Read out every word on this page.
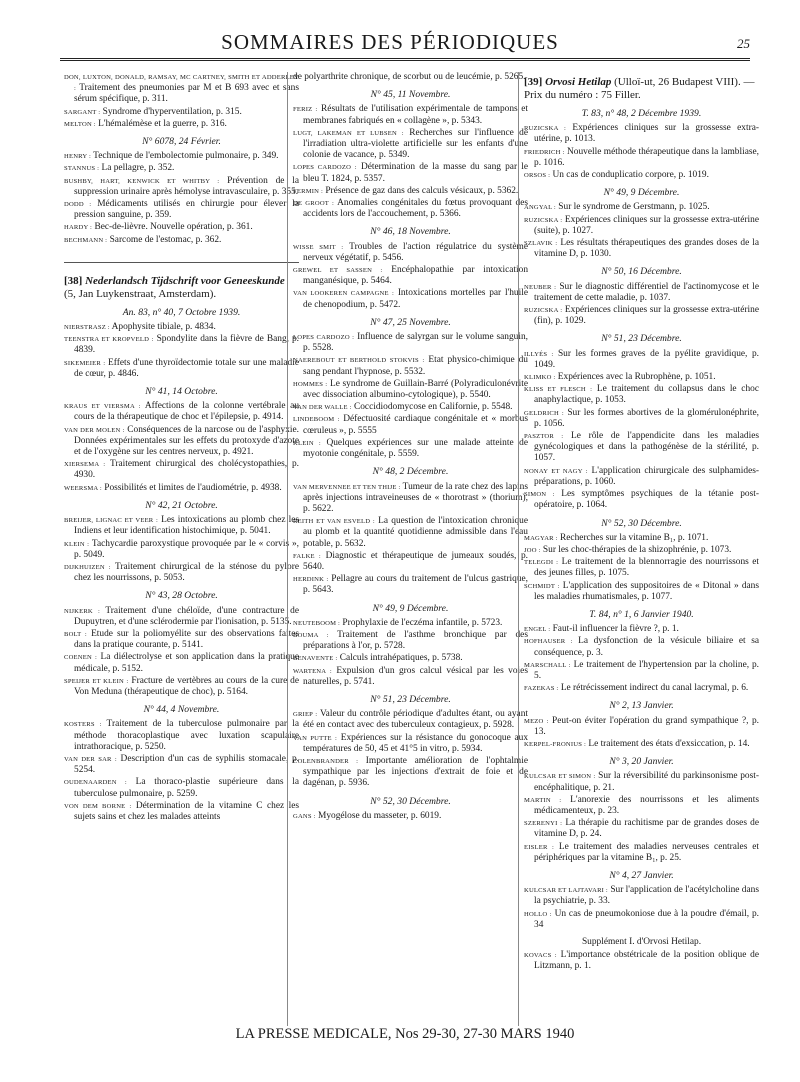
SOMMAIRES DES PÉRIODIQUES	25
DON, LUXTON, DONALD, RAMSAY, MC CARTNEY, SMITH ET ADDERLEY : Traitement des pneumonies par M et B 693 avec et sans sérum spécifique, p. 311.
SARGANT : Syndrome d'hyperventilation, p. 315.
MELTON : L'hémalémèse et la guerre, p. 316.
N° 6078, 24 Février.
HENRY : Technique de l'embolectomie pulmonaire, p. 349.
STANNUS : La pellagre, p. 352.
BUSHBY, HART, KENWICK ET WHITBY : Prévention de la suppression urinaire après hémolyse intravasculaire, p. 355.
DODD : Médicaments utilisés en chirurgie pour élever la pression sanguine, p. 359.
HARDY : Bec-de-lièvre. Nouvelle opération, p. 361.
BECHMANN : Sarcome de l'estomac, p. 362.
[38] Nederlandsch Tijdschrift voor Geneeskunde (5, Jan Luykenstraat, Amsterdam).
An. 83, n° 40, 7 Octobre 1939.
NIERSTRASZ : Apophysite tibiale, p. 4834.
TEENSTRA ET KROPVELD : Spondylite dans la fièvre de Bang, p. 4839.
SIKEMEIER : Effets d'une thyroïdectomie totale sur une maladie de cœur, p. 4846.
N° 41, 14 Octobre.
KRAUS ET VIERSMA : Affections de la colonne vertébrale au cours de la thérapeutique de choc et l'épilepsie, p. 4914.
VAN DER MOLEN : Conséquences de la narcose ou de l'asphyxie. Données expérimentales sur les effets du protoxyde d'azote et de l'oxygène sur les centres nerveux, p. 4921.
XIERSEMA : Traitement chirurgical des cholécystopathies, p. 4930.
WEERSMA : Possibilités et limites de l'audiométrie, p. 4938.
N° 42, 21 Octobre.
BREIJER, LIGNAC ET VEER : Les intoxications au plomb chez les Indiens et leur identification histochimique, p. 5041.
KLEIN : Tachycardie paroxystique provoquée par le « corvis », p. 5049.
DIJKHUIZEN : Traitement chirurgical de la sténose du pylore chez les nourrissons, p. 5053.
N° 43, 28 Octobre.
NIJKERK : Traitement d'une chéloïde, d'une contracture de Dupuytren, et d'une sclérodermie par l'ionisation, p. 5135.
BOLT : Etude sur la poliomyélite sur des observations faites dans la pratique courante, p. 5141.
COENEN : La diélectrolyse et son application dans la pratique médicale, p. 5152.
SPEIJER ET KLEIN : Fracture de vertèbres au cours de la cure de Von Meduna (thérapeutique de choc), p. 5164.
N° 44, 4 Novembre.
KOSTERS : Traitement de la tuberculose pulmonaire par la méthode thoracoplastique avec luxation scapulaire intrathoracique, p. 5250.
VAN DER SAR : Description d'un cas de syphilis stomacale, p. 5254.
OUDENAARDEN : La thoraco-plastie supérieure dans la tuberculose pulmonaire, p. 5259.
VON DEM BORNE : Détermination de la vitamine C chez les sujets sains et chez les malades atteints
de polyarthrite chronique, de scorbut ou de leucémie, p. 5265.
N° 45, 11 Novembre.
FERIZ : Résultats de l'utilisation expérimentale de tampons et membranes fabriqués en « collagène », p. 5343.
LUGT, LAKEMAN ET LUBSEN : Recherches sur l'influence de l'irradiation ultra-violette artificielle sur les enfants d'une colonie de vacance, p. 5349.
LOPES CARDOZO : Détermination de la masse du sang par le bleu T. 1824, p. 5357.
FERMIN : Présence de gaz dans des calculs vésicaux, p. 5362.
DE GROOT : Anomalies congénitales du fœtus provoquant des accidents lors de l'accouchement, p. 5366.
N° 46, 18 Novembre.
WISSE SMIT : Troubles de l'action régulatrice du système nerveux végétatif, p. 5456.
GREWEL ET SASSEN : Encéphalopathie par intoxication manganésique, p. 5464.
VAN LOOKEREN CAMPAGNE : Intoxications mortelles par l'huile de chenopodium, p. 5472.
N° 47, 25 Novembre.
LOPES CARDOZO : Influence de salyrgan sur le volume sanguin, p. 5528.
NAEREBOUT ET BERTHOLD STOKVIS : Etat physico-chimique du sang pendant l'hypnose, p. 5532.
HOMMES : Le syndrome de Guillain-Barré (Polyradiculonévrite avec dissociation albumino-cytologique), p. 5540.
VAN DER WALLE : Coccidiodomycose en Californie, p. 5548.
LINDEBOOM : Défectuosité cardiaque congénitale et « morbus cœruleus », p. 5555
KLEIN : Quelques expériences sur une malade atteinte de myotonie congénitale, p. 5559.
N° 48, 2 Décembre.
VAN MERVENNEE ET TEN THIJE : Tumeur de la rate chez des lapins après injections intraveineuses de « thorotrast » (thorium), p. 5622.
REITH ET VAN ESVELD : La question de l'intoxication chronique au plomb et la quantité quotidienne admissible dans l'eau potable, p. 5632.
FALKE : Diagnostic et thérapeutique de jumeaux soudés, p. 5640.
HERDINK : Pellagre au cours du traitement de l'ulcus gastrique, p. 5643.
N° 49, 9 Décembre.
NEUTEBOOM : Prophylaxie de l'eczéma infantile, p. 5723.
BOUMA : Traitement de l'asthme bronchique par des préparations à l'or, p. 5728.
BENAVENTE : Calculs intrahépatiques, p. 5738.
WARTENA : Expulsion d'un gros calcul vésical par les voies naturelles, p. 5741.
N° 51, 23 Décembre.
GRIEP : Valeur du contrôle périodique d'adultes étant, ou ayant été en contact avec des tuberculeux contagieux, p. 5928.
VAN PUTTE : Expériences sur la résistance du gonocoque aux températures de 50, 45 et 41°5 in vitro, p. 5934.
COLENBRANDER : Importante amélioration de l'ophtalmie sympathique par les injections d'extrait de foie et de dagénan, p. 5936.
N° 52, 30 Décembre.
GANS : Myogélose du masseter, p. 6019.
[39] Orvosi Hetilap (Ulloï-ut, 26 Budapest VIII). — Prix du numéro : 75 Filler.
T. 83, n° 48, 2 Décembre 1939.
RUZICSKA : Expériences cliniques sur la grossesse extra-utérine, p. 1013.
FRIEDRICH : Nouvelle méthode thérapeutique dans la lambliase, p. 1016.
ORSOS : Un cas de conduplicatio corpore, p. 1019.
N° 49, 9 Décembre.
ANGYAL : Sur le syndrome de Gerstmann, p. 1025.
RUZICSKA : Expériences cliniques sur la grossesse extra-utérine (suite), p. 1027.
SZLAVIK : Les résultats thérapeutiques des grandes doses de la vitamine D, p. 1030.
N° 50, 16 Décembre.
NEUBER : Sur le diagnostic différentiel de l'actinomycose et le traitement de cette maladie, p. 1037.
RUZICSKA : Expériences cliniques sur la grossesse extra-utérine (fin), p. 1029.
N° 51, 23 Décembre.
ILLYÉS : Sur les formes graves de la pyélite gravidique, p. 1049.
KLIMKO : Expériences avec la Rubrophène, p. 1051.
KLISS ET FLESCH : Le traitement du collapsus dans le choc anaphylactique, p. 1053.
GELDRICH : Sur les formes abortives de la glomérulonéphrite, p. 1056.
PASZTOR : Le rôle de l'appendicite dans les maladies gynécologiques et dans la pathogénèse de la stérilité, p. 1057.
NONAY ET NAGY : L'application chirurgicale des sulphamides-préparations, p. 1060.
SIMON : Les symptômes psychiques de la tétanie post-opératoire, p. 1064.
N° 52, 30 Décembre.
MAGYAR : Recherches sur la vitamine B₁, p. 1071.
JOO : Sur les choc-thérapies de la shizophrénie, p. 1073.
TELEGDI : Le traitement de la blennorragie des nourrissons et des jeunes filles, p. 1075.
SCHMIDT : L'application des suppositoires de « Ditonal » dans les maladies rhumatismales, p. 1077.
T. 84, n° 1, 6 Janvier 1940.
ENGEL : Faut-il influencer la fièvre ?, p. 1.
HOFHAUSER : La dysfonction de la vésicule biliaire et sa conséquence, p. 3.
MARSCHALL : Le traitement de l'hypertension par la choline, p. 5.
FAZEKAS : Le rétrécissement indirect du canal lacrymal, p. 6.
N° 2, 13 Janvier.
MEZO : Peut-on éviter l'opération du grand sympathique ?, p. 13.
KERPEL-FRONIUS : Le traitement des états d'exsiccation, p. 14.
N° 3, 20 Janvier.
KULCSAR ET SIMON : Sur la réversibilité du parkinsonisme post-encéphalitique, p. 21.
MARTIN : L'anorexie des nourrissons et les aliments médicamenteux, p. 23.
SZERENYI : La thérapie du rachitisme par de grandes doses de vitamine D, p. 24.
EISLER : Le traitement des maladies nerveuses centrales et périphériques par la vitamine B₁, p. 25.
N° 4, 27 Janvier.
KULCSAR ET LAJTAVARI : Sur l'application de l'acétylcholine dans la psychiatrie, p. 33.
HOLLO : Un cas de pneumokoniose due à la poudre d'émail, p. 34
Supplément I. d'Orvosi Hetilap.
KOVACS : L'importance obstétricale de la position oblique de Litzmann, p. 1.
LA PRESSE MEDICALE, Nos 29-30, 27-30 MARS 1940
